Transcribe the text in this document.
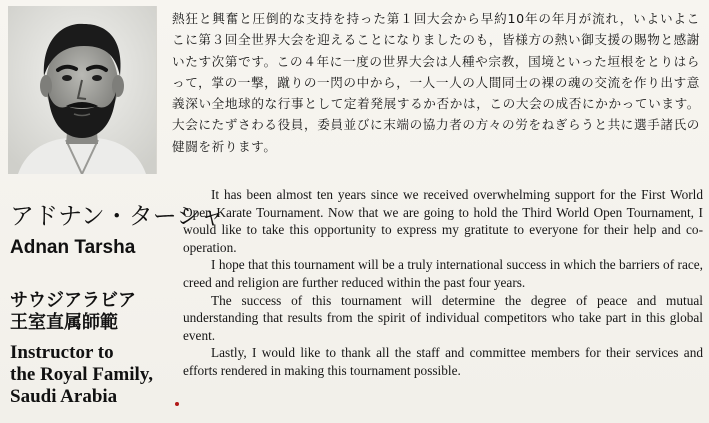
熱狂と興奮と圧倒的な支持を持った第１回大会から早約10年の年月が流れ，いよいよここに第３回全世界大会を迎えることになりましたのも，皆様方の熱い御支援の賜物と感謝いたす次第です。この４年に一度の世界大会は人種や宗教，国境といった垣根をとりはらって，掌の一撃，蹴りの一閃の中から，一人一人の人間同士の裸の魂の交流を作り出す意義深い全地球的な行事として定着発展するか否かは，この大会の成否にかかっています。大会にたずさわる役員，委員並びに末端の協力者の方々の労をねぎらうと共に選手諸氏の健闘を祈ります。
アドナン・ターシャ
Adnan Tarsha
サウジアラビア
王室直属師範
Instructor to
the Royal Family,
Saudi Arabia

It has been almost ten years since we received overwhelming support for the First World Open Karate Tournament. Now that we are going to hold the Third World Open Tournament, I would like to take this opportunity to express my gratitute to everyone for their help and co-operation.

I hope that this tournament will be a truly international success in which the barriers of race, creed and religion are further reduced within the past four years.

The success of this tournament will determine the degree of peace and mutual understanding that results from the spirit of individual competitors who take part in this global event.

Lastly, I would like to thank all the staff and committee members for their services and efforts rendered in making this tournament possible.
